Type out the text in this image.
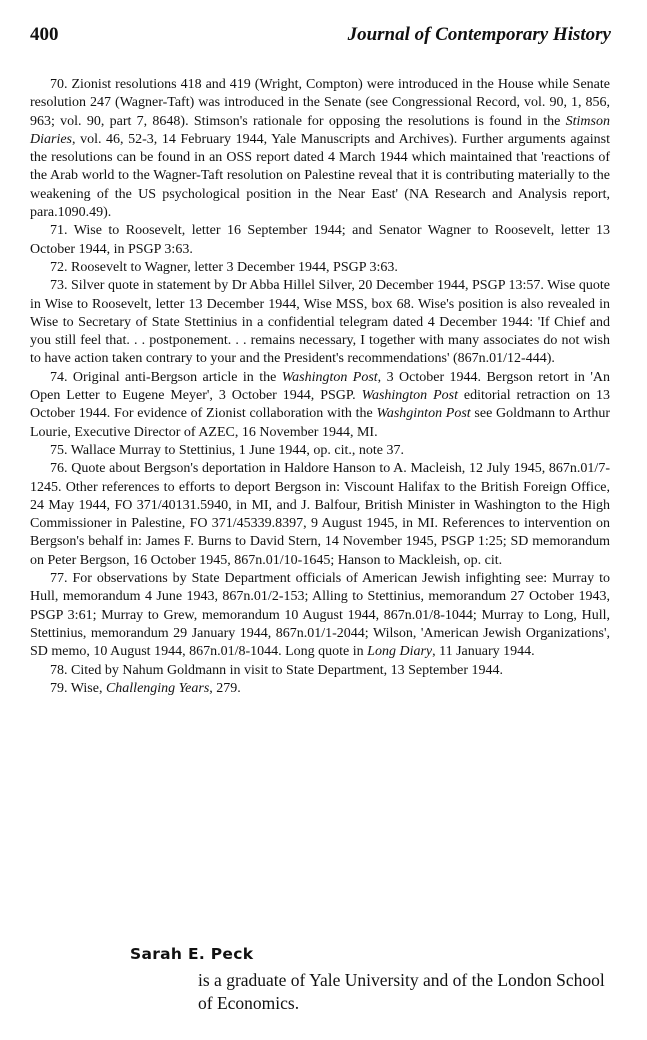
400	Journal of Contemporary History

70. Zionist resolutions 418 and 419 (Wright, Compton) were introduced in the House while Senate resolution 247 (Wagner-Taft) was introduced in the Senate (see Congressional Record, vol. 90, 1, 856, 963; vol. 90, part 7, 8648). Stimson's rationale for opposing the resolutions is found in the Stimson Diaries, vol. 46, 52-3, 14 February 1944, Yale Manuscripts and Archives). Further arguments against the resolutions can be found in an OSS report dated 4 March 1944 which maintained that 'reactions of the Arab world to the Wagner-Taft resolution on Palestine reveal that it is contributing materially to the weakening of the US psychological position in the Near East' (NA Research and Analysis report, para.1090.49).

71. Wise to Roosevelt, letter 16 September 1944; and Senator Wagner to Roosevelt, letter 13 October 1944, in PSGP 3:63.

72. Roosevelt to Wagner, letter 3 December 1944, PSGP 3:63.

73. Silver quote in statement by Dr Abba Hillel Silver, 20 December 1944, PSGP 13:57. Wise quote in Wise to Roosevelt, letter 13 December 1944, Wise MSS, box 68. Wise's position is also revealed in Wise to Secretary of State Stettinius in a confidential telegram dated 4 December 1944: 'If Chief and you still feel that. . . postponement. . . remains necessary, I together with many associates do not wish to have action taken contrary to your and the President's recommendations' (867n.01/12-444).

74. Original anti-Bergson article in the Washington Post, 3 October 1944. Bergson retort in 'An Open Letter to Eugene Meyer', 3 October 1944, PSGP. Washington Post editorial retraction on 13 October 1944. For evidence of Zionist collaboration with the Washginton Post see Goldmann to Arthur Lourie, Executive Director of AZEC, 16 November 1944, MI.

75. Wallace Murray to Stettinius, 1 June 1944, op. cit., note 37.

76. Quote about Bergson's deportation in Haldore Hanson to A. Macleish, 12 July 1945, 867n.01/7-1245. Other references to efforts to deport Bergson in: Viscount Halifax to the British Foreign Office, 24 May 1944, FO 371/40131.5940, in MI, and J. Balfour, British Minister in Washington to the High Commissioner in Palestine, FO 371/45339.8397, 9 August 1945, in MI. References to intervention on Bergson's behalf in: James F. Burns to David Stern, 14 November 1945, PSGP 1:25; SD memorandum on Peter Bergson, 16 October 1945, 867n.01/10-1645; Hanson to Mackleish, op. cit.

77. For observations by State Department officials of American Jewish infighting see: Murray to Hull, memorandum 4 June 1943, 867n.01/2-153; Alling to Stettinius, memorandum 27 October 1943, PSGP 3:61; Murray to Grew, memorandum 10 August 1944, 867n.01/8-1044; Murray to Long, Hull, Stettinius, memorandum 29 January 1944, 867n.01/1-2044; Wilson, 'American Jewish Organizations', SD memo, 10 August 1944, 867n.01/8-1044. Long quote in Long Diary, 11 January 1944.

78. Cited by Nahum Goldmann in visit to State Department, 13 September 1944.

79. Wise, Challenging Years, 279.

Sarah E. Peck
is a graduate of Yale University and of the London School of Economics.
